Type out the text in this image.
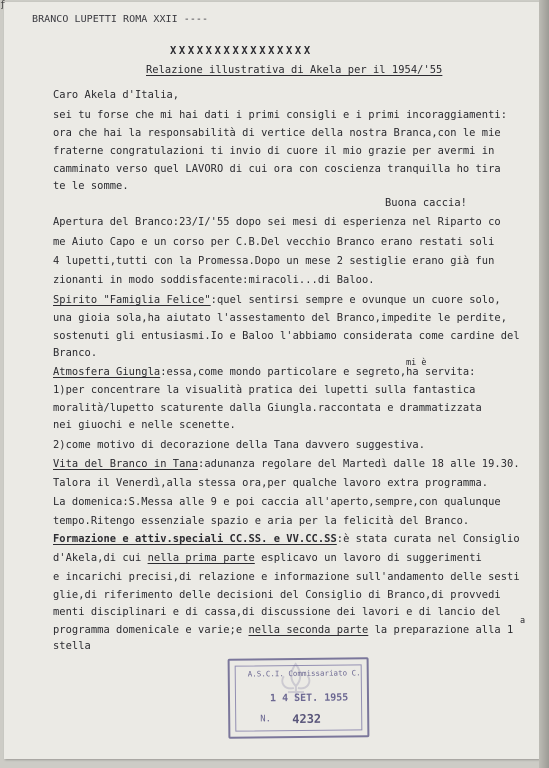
BRANCO LUPETTI ROMA XXII ----
XXXXXXXXXXXXXXXX
Relazione illustrativa di Akela per il 1954/'55
Caro Akela d'Italia,
sei tu forse che mi hai dati i primi consigli e i primi incoraggiamenti:
ora che hai la responsabilità di vertice della nostra Branca,con le mie
fraterne congratulazioni ti invio di cuore il mio grazie per avermi in
camminato verso quel LAVORO di cui ora con coscienza tranquilla ho tira
te le somme.
Buona caccia!
Apertura del Branco:23/I/'55 dopo sei mesi di esperienza nel Riparto co
me Aiuto Capo e un corso per C.B.Del vecchio Branco erano restati soli
4 lupetti,tutti con la Promessa.Dopo un mese 2 sestiglie erano già fun
zionanti in modo soddisfacente:miracoli...di Baloo.
Spirito "Famiglia Felice":quel sentirsi sempre e ovunque un cuore solo,
una gioia sola,ha aiutato l'assestamento del Branco,impedite le perdite,
sostenuti gli entusiasmi.Io e Baloo l'abbiamo considerata come cardine del
Branco.
mi è
Atmosfera Giungla:essa,come mondo particolare e segreto,ha servita:
1)per concentrare la visualità pratica dei lupetti sulla fantastica
moralità/lupetto scaturente dalla Giungla.raccontata e drammatizzata
nei giuochi e nelle scenette.
2)come motivo di decorazione della Tana davvero suggestiva.
Vita del Branco in Tana:adunanza regolare del Martedì dalle 18 alle 19.30.
Talora il Venerdì,alla stessa ora,per qualche lavoro extra programma.
La domenica:S.Messa alle 9 e poi caccia all'aperto,sempre,con qualunque
tempo.Ritengo essenziale spazio e aria per la felicità del Branco.
Formazione e attiv.speciali CC.SS. e VV.CC.SS:è stata curata nel Consiglio
d'Akela,di cui nella prima parte esplicavo un lavoro di suggerimenti
e incarichi precisi,di relazione e informazione sull'andamento delle sesti
glie,di riferimento delle decisioni del Consiglio di Branco,di provvedi
menti disciplinari e di cassa,di discussione dei lavori e di lancio del
a
programma domenicale e varie;e nella seconda parte la preparazione alla 1
stella
A.S.C.I. Commissariato C.
1 4 SET. 1955
N. 4232
ƒ
